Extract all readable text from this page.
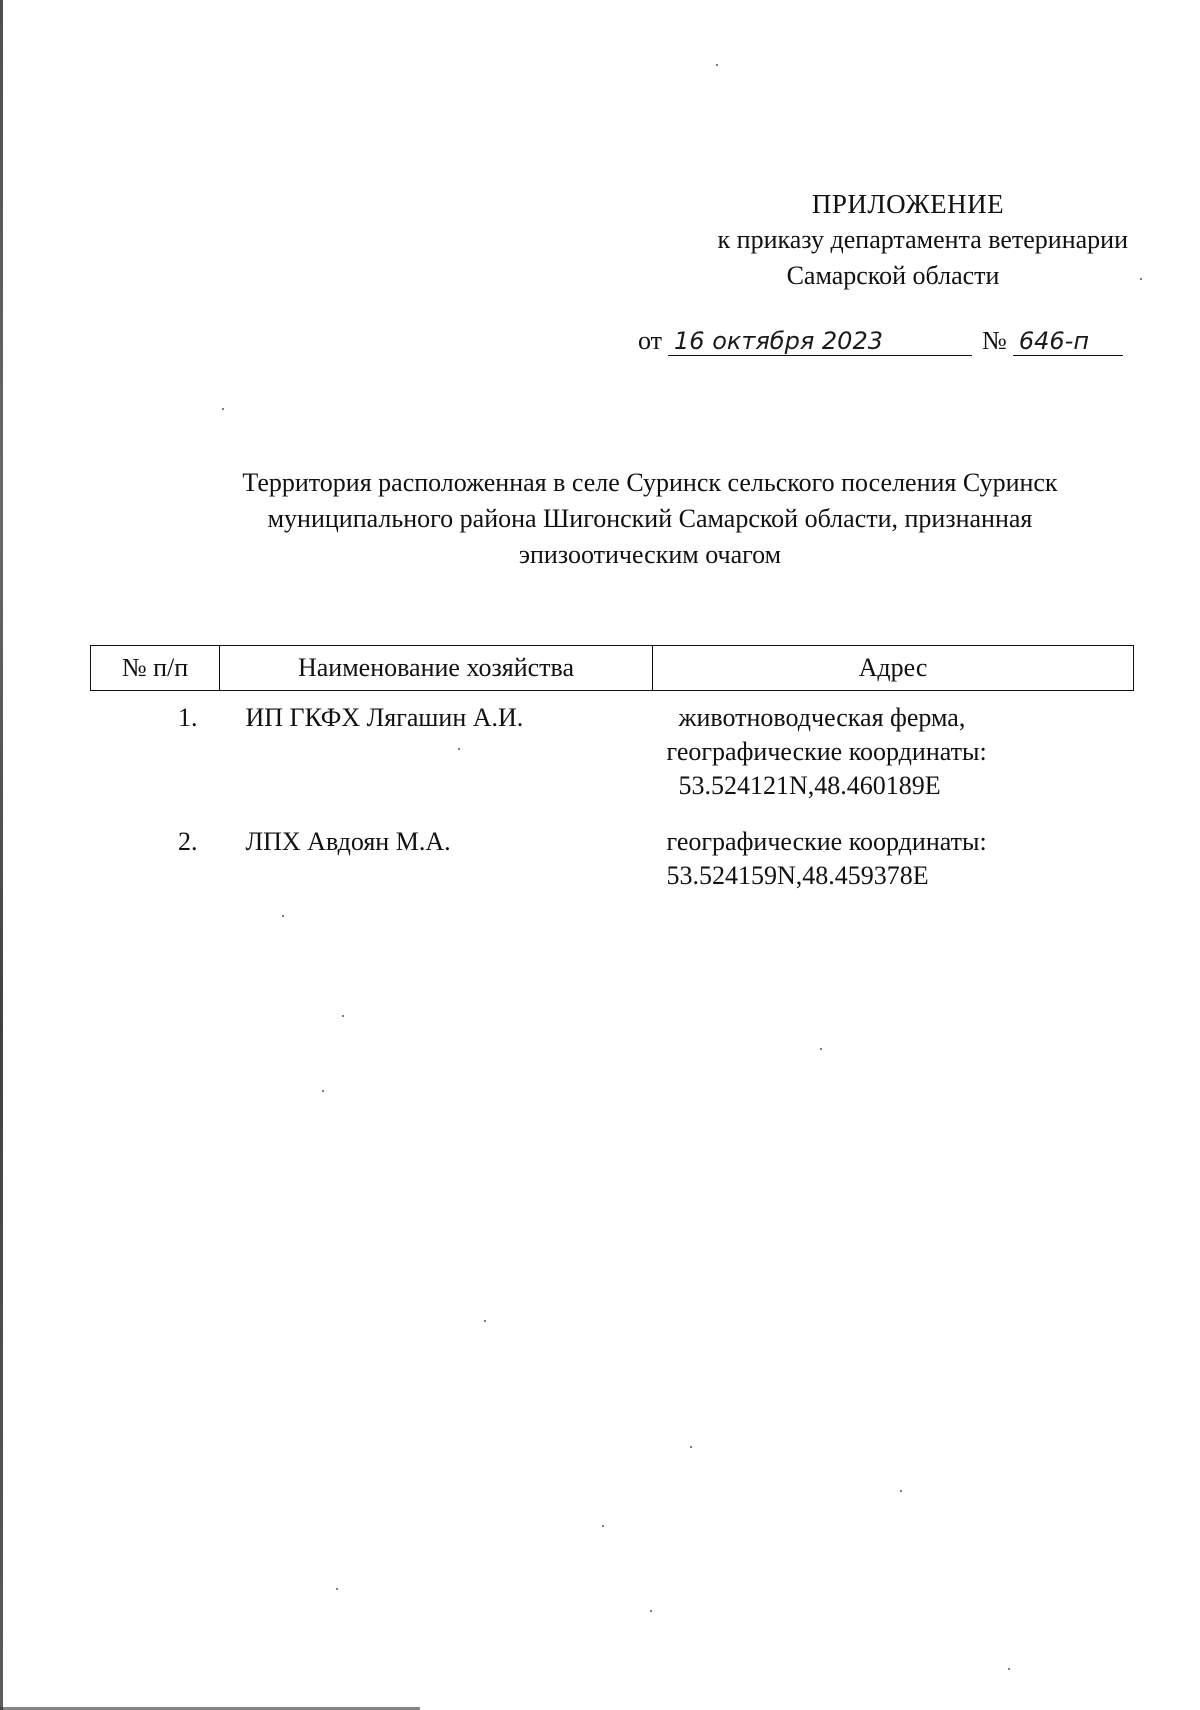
ПРИЛОЖЕНИЕ
к приказу департамента ветеринарии
Самарской области
от 16 октября 2023	№ 646-п
Территория расположенная в селе Суринск сельского поселения Суринск
муниципального района Шигонский Самарской области, признанная
эпизоотическим очагом
№ п/п	Наименование хозяйства	Адрес
1.	ИП ГКФХ Лягашин А.И.	животноводческая ферма,
географические координаты:
53.524121N,48.460189E

2.	ЛПХ Авдоян М.А.	географические координаты:
53.524159N,48.459378E
